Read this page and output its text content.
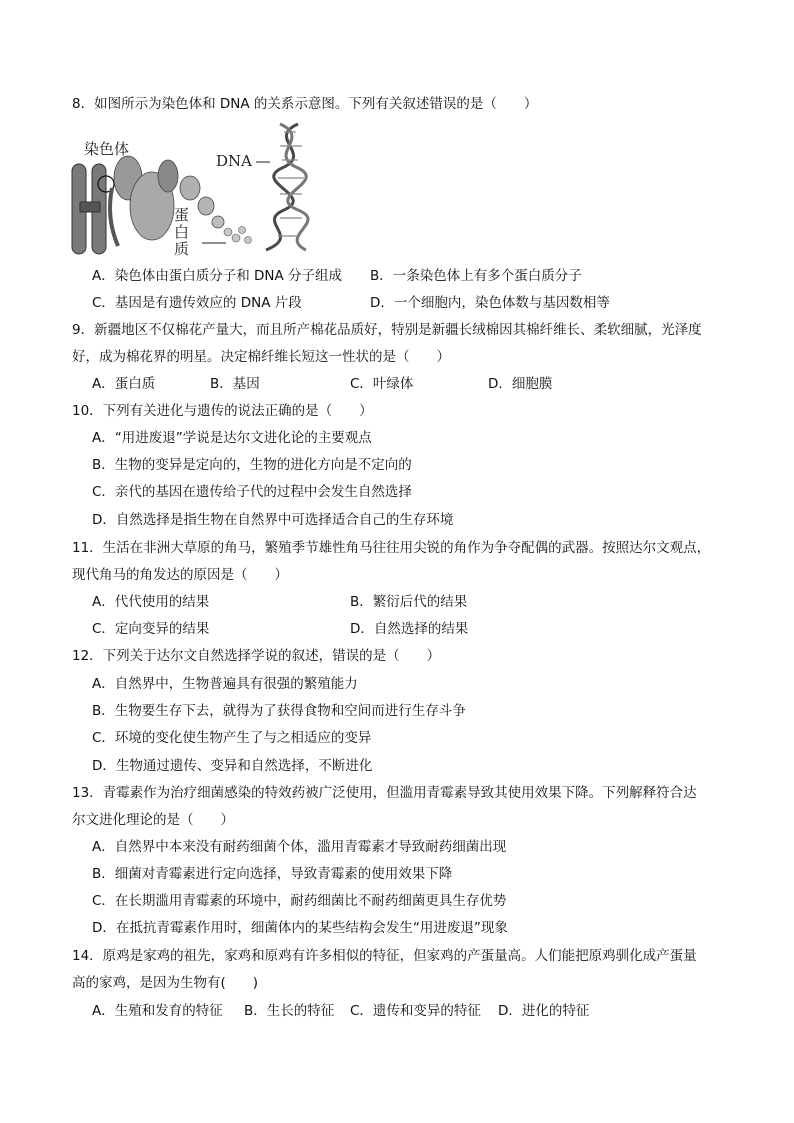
8．如图所示为染色体和 DNA 的关系示意图。下列有关叙述错误的是（　　）
染色体
DNA
蛋
白
质
A．染色体由蛋白质分子和 DNA 分子组成 B．一条染色体上有多个蛋白质分子
C．基因是有遗传效应的 DNA 片段	D．一个细胞内，染色体数与基因数相等
9．新疆地区不仅棉花产量大，而且所产棉花品质好，特别是新疆长绒棉因其棉纤维长、柔软细腻，光泽度
好，成为棉花界的明星。决定棉纤维长短这一性状的是（　　）
A．蛋白质	B．基因	C．叶绿体	D．细胞膜
10．下列有关进化与遗传的说法正确的是（　　）
A．“用进废退”学说是达尔文进化论的主要观点
B．生物的变异是定向的，生物的进化方向是不定向的
C．亲代的基因在遗传给子代的过程中会发生自然选择
D．自然选择是指生物在自然界中可选择适合自己的生存环境
11．生活在非洲大草原的角马，繁殖季节雄性角马往往用尖锐的角作为争夺配偶的武器。按照达尔文观点，
现代角马的角发达的原因是（　　）
A．代代使用的结果	B．繁衍后代的结果
C．定向变异的结果	D．自然选择的结果
12．下列关于达尔文自然选择学说的叙述，错误的是（　　）
A．自然界中，生物普遍具有很强的繁殖能力
B．生物要生存下去，就得为了获得食物和空间而进行生存斗争
C．环境的变化使生物产生了与之相适应的变异
D．生物通过遗传、变异和自然选择，不断进化
13．青霉素作为治疗细菌感染的特效药被广泛使用，但滥用青霉素导致其使用效果下降。下列解释符合达
尔文进化理论的是（　　）
A．自然界中本来没有耐药细菌个体，滥用青霉素才导致耐药细菌出现
B．细菌对青霉素进行定向选择，导致青霉素的使用效果下降
C．在长期滥用青霉素的环境中，耐药细菌比不耐药细菌更具生存优势
D．在抵抗青霉素作用时，细菌体内的某些结构会发生“用进废退”现象
14．原鸡是家鸡的祖先，家鸡和原鸡有许多相似的特征，但家鸡的产蛋量高。人们能把原鸡驯化成产蛋量
高的家鸡，是因为生物有(　　)
A．生殖和发育的特征 B．生长的特征 C．遗传和变异的特征 D．进化的特征
